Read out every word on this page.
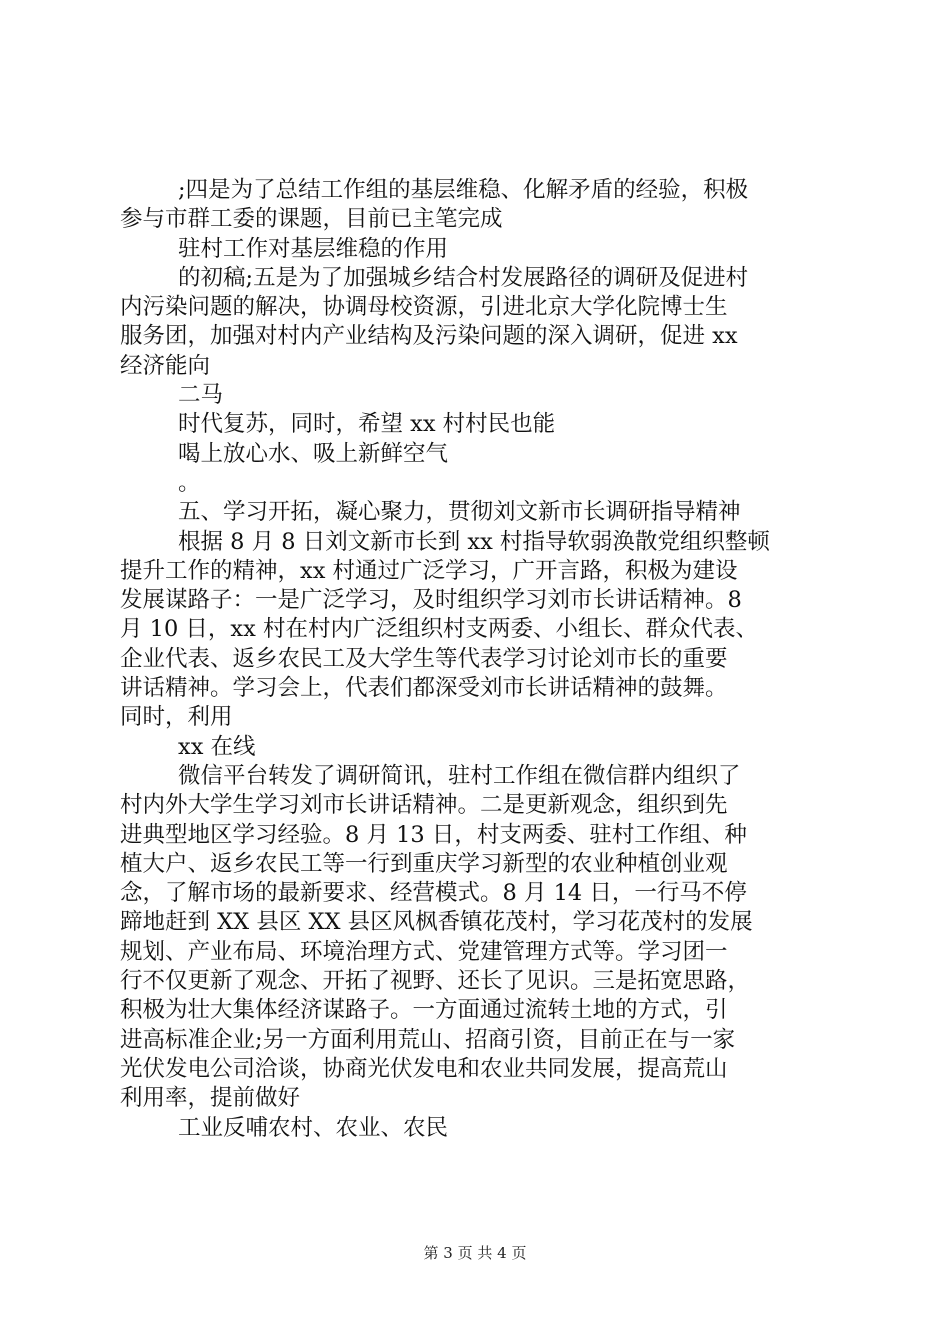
;四是为了总结工作组的基层维稳、化解矛盾的经验，积极
参与市群工委的课题，目前已主笔完成
驻村工作对基层维稳的作用
的初稿;五是为了加强城乡结合村发展路径的调研及促进村
内污染问题的解决，协调母校资源，引进北京大学化院博士生
服务团，加强对村内产业结构及污染问题的深入调研，促进 xx
经济能向
二马
时代复苏，同时，希望 xx 村村民也能
喝上放心水、吸上新鲜空气
。
五、学习开拓，凝心聚力，贯彻刘文新市长调研指导精神
根据 8 月 8 日刘文新市长到 xx 村指导软弱涣散党组织整顿
提升工作的精神，xx 村通过广泛学习，广开言路，积极为建设
发展谋路子：一是广泛学习，及时组织学习刘市长讲话精神。8
月 10 日，xx 村在村内广泛组织村支两委、小组长、群众代表、
企业代表、返乡农民工及大学生等代表学习讨论刘市长的重要
讲话精神。学习会上，代表们都深受刘市长讲话精神的鼓舞。
同时，利用
xx 在线
微信平台转发了调研简讯，驻村工作组在微信群内组织了
村内外大学生学习刘市长讲话精神。二是更新观念，组织到先
进典型地区学习经验。8 月 13 日，村支两委、驻村工作组、种
植大户、返乡农民工等一行到重庆学习新型的农业种植创业观
念，了解市场的最新要求、经营模式。8 月 14 日，一行马不停
蹄地赶到 XX 县区 XX 县区风枫香镇花茂村，学习花茂村的发展
规划、产业布局、环境治理方式、党建管理方式等。学习团一
行不仅更新了观念、开拓了视野、还长了见识。三是拓宽思路，
积极为壮大集体经济谋路子。一方面通过流转土地的方式，引
进高标准企业;另一方面利用荒山、招商引资，目前正在与一家
光伏发电公司洽谈，协商光伏发电和农业共同发展，提高荒山
利用率，提前做好
工业反哺农村、农业、农民
第 3 页 共 4 页
